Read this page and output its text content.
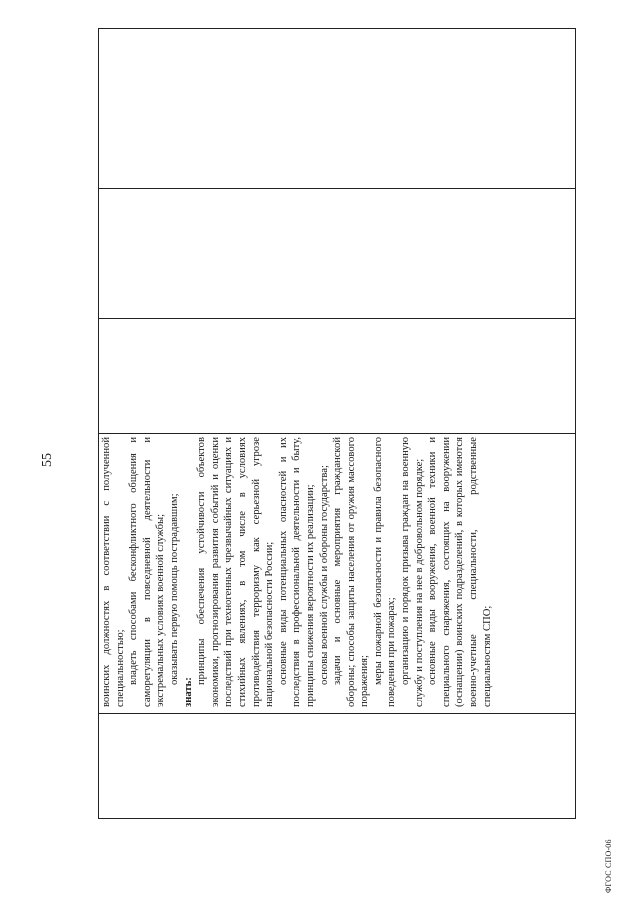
55
		воинских должностях в соответствии с полученной специальностью; владеть способами бесконфликтного общения и саморегуляции в повседневной деятельности и экстремальных условиях военной службы; оказывать первую помощь пострадавшим;

знать:

принципы обеспечения устойчивости объектов экономики, прогнозирования развития событий и оценки последствий при техногенных чрезвычайных ситуациях и стихийных явлениях, в том числе в условиях противодействия терроризму как серьезной угрозе национальной безопасности России; основные виды потенциальных опасностей и их последствия в профессиональной деятельности и быту, принципы снижения вероятности их реализации; основы военной службы и обороны государства; задачи и основные мероприятия гражданской обороны; способы защиты населения от оружия массового поражения; меры пожарной безопасности и правила безопасного поведения при пожарах; организацию и порядок призыва граждан на военную службу и поступления на нее в добровольном порядке; основные виды вооружения, военной техники и специального снаряжения, состоящих на вооружении (оснащении) воинских подразделений, в которых имеются военно-учетные специальности, родственные специальностям СПО;

ФГОС СПО-06
